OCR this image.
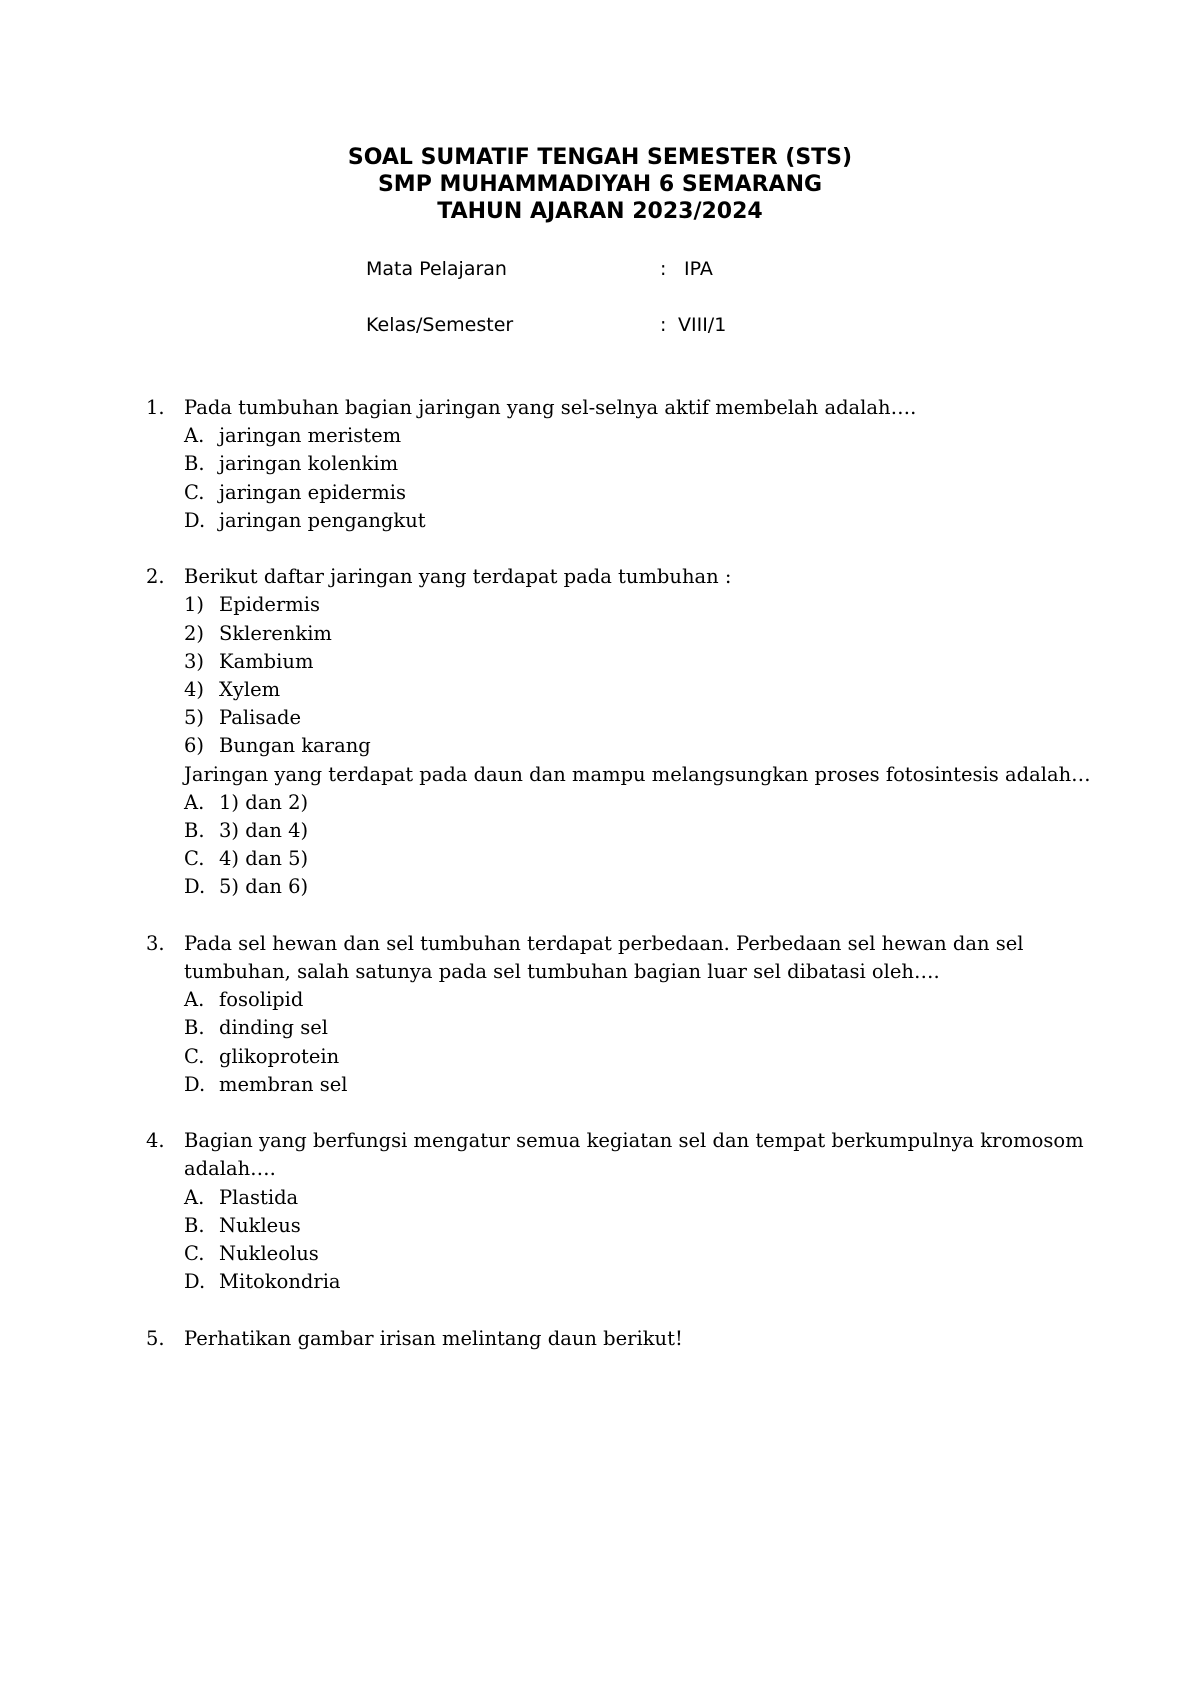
SOAL SUMATIF TENGAH SEMESTER (STS)
SMP MUHAMMADIYAH 6 SEMARANG
TAHUN AJARAN 2023/2024
Mata Pelajaran	: IPA
Kelas/Semester	: VIII/1
1. Pada tumbuhan bagian jaringan yang sel-selnya aktif membelah adalah….
A. jaringan meristem
B. jaringan kolenkim
C. jaringan epidermis
D. jaringan pengangkut
2. Berikut daftar jaringan yang terdapat pada tumbuhan :
1) Epidermis
2) Sklerenkim
3) Kambium
4) Xylem
5) Palisade
6) Bungan karang
Jaringan yang terdapat pada daun dan mampu melangsungkan proses fotosintesis adalah…
A. 1) dan 2)
B. 3) dan 4)
C. 4) dan 5)
D. 5) dan 6)
3. Pada sel hewan dan sel tumbuhan terdapat perbedaan. Perbedaan sel hewan dan sel
tumbuhan, salah satunya pada sel tumbuhan bagian luar sel dibatasi oleh….
A. fosolipid
B. dinding sel
C. glikoprotein
D. membran sel
4. Bagian yang berfungsi mengatur semua kegiatan sel dan tempat berkumpulnya kromosom
adalah….
A. Plastida
B. Nukleus
C. Nukleolus
D. Mitokondria
5. Perhatikan gambar irisan melintang daun berikut!
